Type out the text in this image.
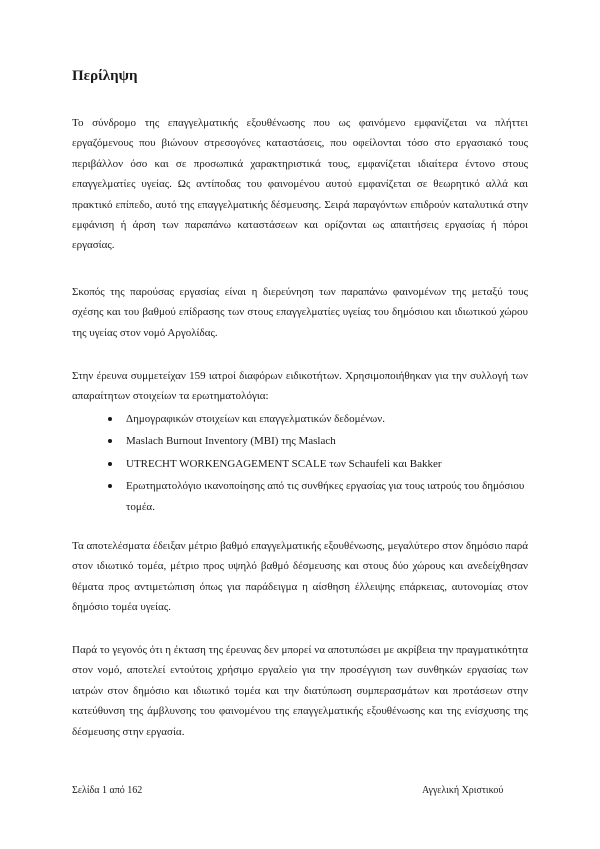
Περίληψη

Το σύνδρομο της επαγγελματικής εξουθένωσης που ως φαινόμενο εμφανίζεται να πλήττει εργαζόμενους που βιώνουν στρεσογόνες καταστάσεις, που οφείλονται τόσο στο εργασιακό τους περιβάλλον όσο και σε προσωπικά χαρακτηριστικά τους, εμφανίζεται ιδιαίτερα έντονο στους επαγγελματίες υγείας. Ως αντίποδας του φαινομένου αυτού εμφανίζεται σε θεωρητικό αλλά και πρακτικό επίπεδο, αυτό της επαγγελματικής δέσμευσης. Σειρά παραγόντων επιδρούν καταλυτικά στην εμφάνιση ή άρση των παραπάνω καταστάσεων και ορίζονται ως απαιτήσεις εργασίας ή πόροι εργασίας.

Σκοπός της παρούσας εργασίας είναι η διερεύνηση των παραπάνω φαινομένων της μεταξύ τους σχέσης και του βαθμού επίδρασης των στους επαγγελματίες υγείας του δημόσιου και ιδιωτικού χώρου της υγείας στον νομό Αργολίδας.

Στην έρευνα συμμετείχαν 159 ιατροί διαφόρων ειδικοτήτων. Χρησιμοποιήθηκαν για την συλλογή των απαραίτητων στοιχείων τα ερωτηματολόγια:

Δημογραφικών στοιχείων και επαγγελματικών δεδομένων.
Maslach Burnout Inventory (MBI) της Maslach
UTRECHT WORKENGAGEMENT SCALE των Schaufeli και Bakker
Ερωτηματολόγιο ικανοποίησης από τις συνθήκες εργασίας για τους ιατρούς του δημόσιου τομέα.

Τα αποτελέσματα έδειξαν μέτριο βαθμό επαγγελματικής εξουθένωσης, μεγαλύτερο στον δημόσιο παρά στον ιδιωτικό τομέα, μέτριο προς υψηλό βαθμό δέσμευσης και στους δύο χώρους και ανεδείχθησαν θέματα προς αντιμετώπιση όπως για παράδειγμα η αίσθηση έλλειψης επάρκειας, αυτονομίας στον δημόσιο τομέα υγείας.

Παρά το γεγονός ότι η έκταση της έρευνας δεν μπορεί να αποτυπώσει με ακρίβεια την πραγματικότητα στον νομό, αποτελεί εντούτοις χρήσιμο εργαλείο για την προσέγγιση των συνθηκών εργασίας των ιατρών στον δημόσιο και ιδιωτικό τομέα και την διατύπωση συμπερασμάτων και προτάσεων στην κατεύθυνση της άμβλυνσης του φαινομένου της επαγγελματικής εξουθένωσης και της ενίσχυσης της δέσμευσης στην εργασία.

Σελίδα 1 από 162	Αγγελική Χριστικού
